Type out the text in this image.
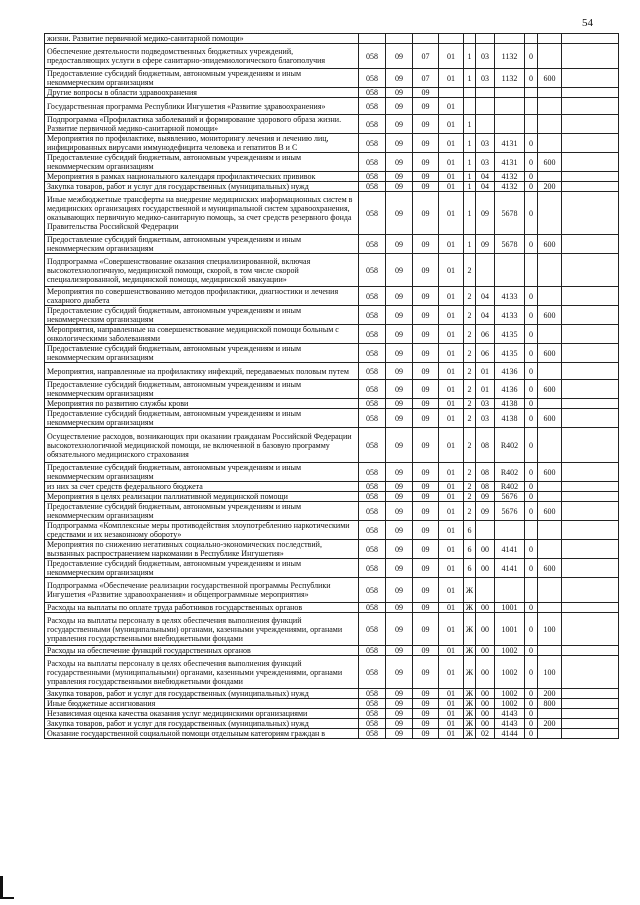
54
жизни. Развитие первичной медико-санитарной помощи»											
Обеспечение деятельности подведомственных бюджетных учреждений, предоставляющих услуги в сфере санитарно-эпидемиологического благополучия	058	09	07	01	1	03	1132	0			
Предоставление субсидий бюджетным, автономным учреждениям и иным некоммерческим организациям	058	09	07	01	1	03	1132	0	600		
Другие вопросы в области здравоохранения	058	09	09								
Государственная программа Республики Ингушетия «Развитие здравоохранения»	058	09	09	01							
Подпрограмма «Профилактика заболеваний и формирование здорового образа жизни. Развитие первичной медико-санитарной помощи»	058	09	09	01	1						
Мероприятия по профилактике, выявлению, мониторингу лечения и лечению лиц, инфицированных вирусами иммунодефицита человека и гепатитов В и С	058	09	09	01	1	03	4131	0			
Предоставление субсидий бюджетным, автономным учреждениям и иным некоммерческим организациям	058	09	09	01	1	03	4131	0	600		
Мероприятия в рамках национального календаря профилактических прививок	058	09	09	01	1	04	4132	0			
Закупка товаров, работ и услуг для государственных (муниципальных) нужд	058	09	09	01	1	04	4132	0	200		
Иные межбюджетные трансферты на внедрение медицинских информационных систем в медицинских организациях государственной и муниципальной систем здравоохранения, оказывающих первичную медико-санитарную помощь, за счет средств резервного фонда Правительства Российской Федерации	058	09	09	01	1	09	5678	0			
Предоставление субсидий бюджетным, автономным учреждениям и иным некоммерческим организациям	058	09	09	01	1	09	5678	0	600		
Подпрограмма «Совершенствование оказания специализированной, включая высокотехнологичную, медицинской помощи, скорой, в том числе скорой специализированной, медицинской помощи, медицинской эвакуации»	058	09	09	01	2						
Мероприятия по совершенствованию методов профилактики, диагностики и лечения сахарного диабета	058	09	09	01	2	04	4133	0			
Предоставление субсидий бюджетным, автономным учреждениям и иным некоммерческим организациям	058	09	09	01	2	04	4133	0	600		
Мероприятия, направленные на совершенствование медицинской помощи больным с онкологическими заболеваниями	058	09	09	01	2	06	4135	0			
Предоставление субсидий бюджетным, автономным учреждениям и иным некоммерческим организациям	058	09	09	01	2	06	4135	0	600		
Мероприятия, направленные на профилактику инфекций, передаваемых половым путем	058	09	09	01	2	01	4136	0			
Предоставление субсидий бюджетным, автономным учреждениям и иным некоммерческим организациям	058	09	09	01	2	01	4136	0	600		
Мероприятия по развитию службы крови	058	09	09	01	2	03	4138	0			
Предоставление субсидий бюджетным, автономным учреждениям и иным некоммерческим организациям	058	09	09	01	2	03	4138	0	600		
Осуществление расходов, возникающих при оказании гражданам Российской Федерации высокотехнологичной медицинской помощи, не включенной в базовую программу обязательного медицинского страхования	058	09	09	01	2	08	R402	0			
Предоставление субсидий бюджетным, автономным учреждениям и иным некоммерческим организациям	058	09	09	01	2	08	R402	0	600		
из них за счет средств федерального бюджета	058	09	09	01	2	08	R402	0			
Мероприятия в целях реализации паллиативной медицинской помощи	058	09	09	01	2	09	5676	0			
Предоставление субсидий бюджетным, автономным учреждениям и иным некоммерческим организациям	058	09	09	01	2	09	5676	0	600		
Подпрограмма «Комплексные меры противодействия злоупотреблению наркотическими средствами и их незаконному обороту»	058	09	09	01	6						
Мероприятия по снижению негативных социально-экономических последствий, вызванных распространением наркомании в Республике Ингушетия»	058	09	09	01	6	00	4141	0			
Предоставление субсидий бюджетным, автономным учреждениям и иным некоммерческим организациям	058	09	09	01	6	00	4141	0	600		
Подпрограмма «Обеспечение реализации государственной программы Республики Ингушетия «Развитие здравоохранения» и общепрограммные мероприятия»	058	09	09	01	Ж						
Расходы на выплаты по оплате труда работников государственных органов	058	09	09	01	Ж	00	1001	0			
Расходы на выплаты персоналу в целях обеспечения выполнения функций государственными (муниципальными) органами, казенными учреждениями, органами управления государственными внебюджетными фондами	058	09	09	01	Ж	00	1001	0	100		
Расходы на обеспечение функций государственных органов	058	09	09	01	Ж	00	1002	0			
Расходы на выплаты персоналу в целях обеспечения выполнения функций государственными (муниципальными) органами, казенными учреждениями, органами управления государственными внебюджетными фондами	058	09	09	01	Ж	00	1002	0	100		
Закупка товаров, работ и услуг для государственных (муниципальных) нужд	058	09	09	01	Ж	00	1002	0	200		
Иные бюджетные ассигнования	058	09	09	01	Ж	00	1002	0	800		
Независимая оценка качества оказания услуг медицинскими организациями	058	09	09	01	Ж	00	4143	0			
Закупка товаров, работ и услуг для государственных (муниципальных) нужд	058	09	09	01	Ж	00	4143	0	200		
Оказание государственной социальной помощи отдельным категориям граждан в	058	09	09	01	Ж	02	4144	0			
